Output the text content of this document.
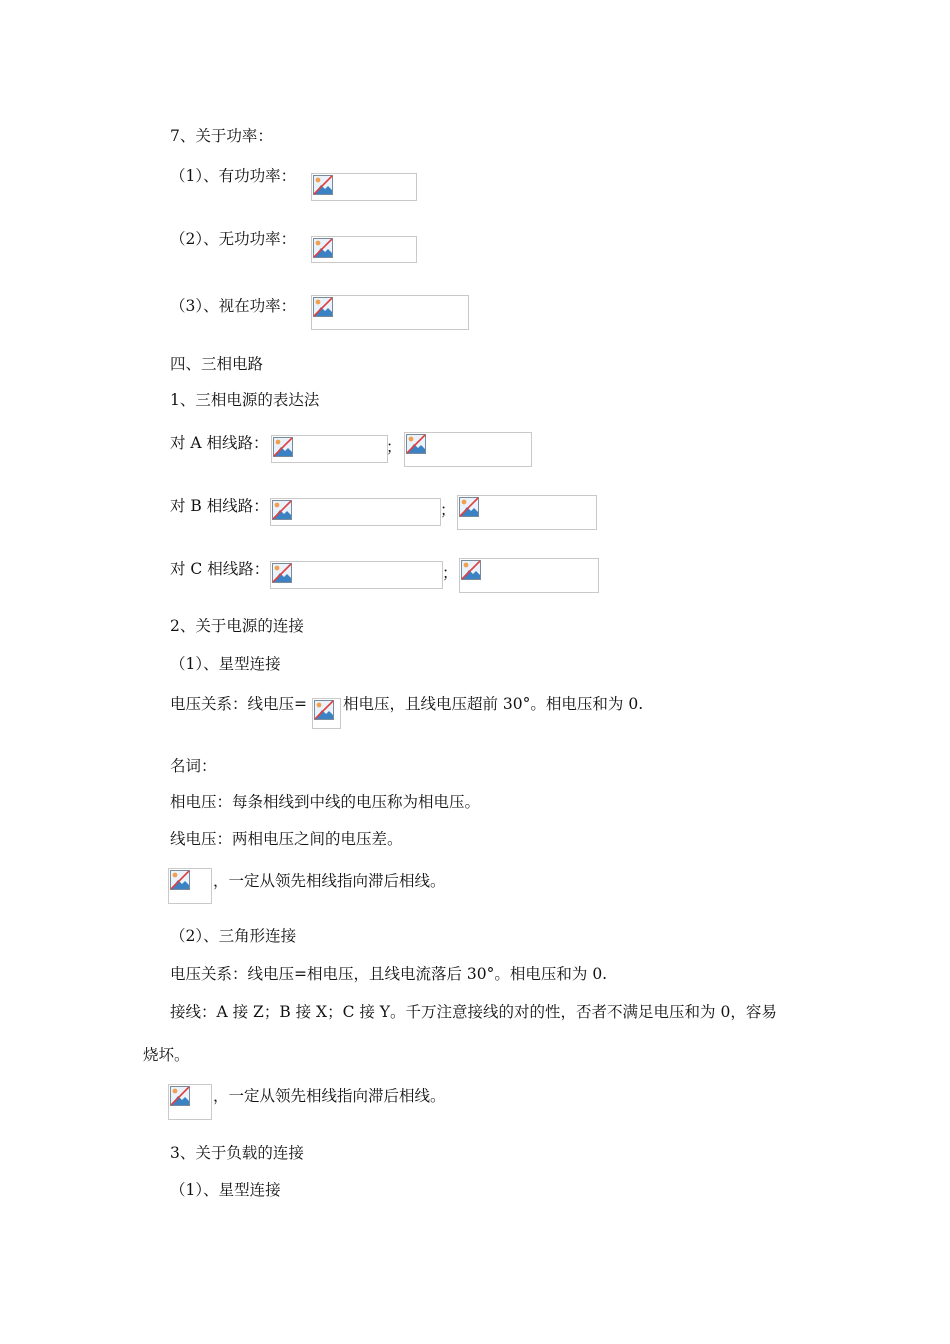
7、关于功率：
（1）、有功功率：
（2）、无功功率：
（3）、视在功率：
四、三相电路
1、三相电源的表达法
对 A 相线路：	；
对 B 相线路：	；
对 C 相线路：	；
2、关于电源的连接
（1）、星型连接
电压关系：线电压= 相电压，且线电压超前 30°。相电压和为 0.
名词：
相电压：每条相线到中线的电压称为相电压。
线电压：两相电压之间的电压差。
，一定从领先相线指向滞后相线。
（2）、三角形连接
电压关系：线电压=相电压，且线电流落后 30°。相电压和为 0.
接线：A 接 Z；B 接 X；C 接 Y。千万注意接线的对的性，否者不满足电压和为 0，容易
烧坏。
，一定从领先相线指向滞后相线。
3、关于负载的连接
（1）、星型连接
